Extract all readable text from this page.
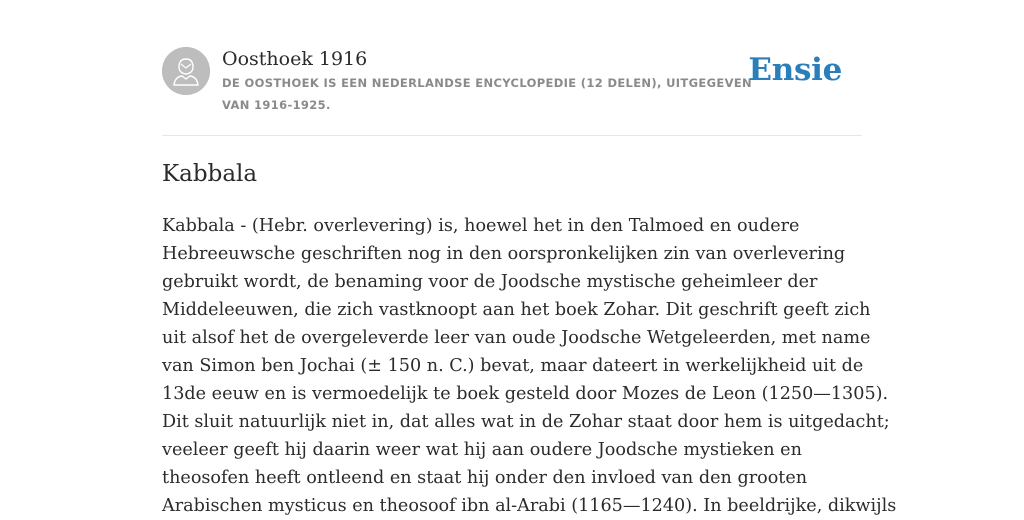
Oosthoek 1916
DE OOSTHOEK IS EEN NEDERLANDSE ENCYCLOPEDIE (12 DELEN), UITGEGEVEN VAN 1916-1925.
Ensie
Kabbala

Kabbala - (Hebr. overlevering) is, hoewel het in den Talmoed en oudere
Hebreeuwsche geschriften nog in den oorspronkelijken zin van overlevering
gebruikt wordt, de benaming voor de Joodsche mystische geheimleer der
Middeleeuwen, die zich vastknoopt aan het boek Zohar. Dit geschrift geeft zich
uit alsof het de overgeleverde leer van oude Joodsche Wetgeleerden, met name
van Simon ben Jochai (± 150 n. C.) bevat, maar dateert in werkelijkheid uit de
13de eeuw en is vermoedelijk te boek gesteld door Mozes de Leon (1250—1305).
Dit sluit natuurlijk niet in, dat alles wat in de Zohar staat door hem is uitgedacht;
veeleer geeft hij daarin weer wat hij aan oudere Joodsche mystieken en
theosofen heeft ontleend en staat hij onder den invloed van den grooten
Arabischen mysticus en theosoof ibn al-Arabi (1165—1240). In beeldrijke, dikwijls
